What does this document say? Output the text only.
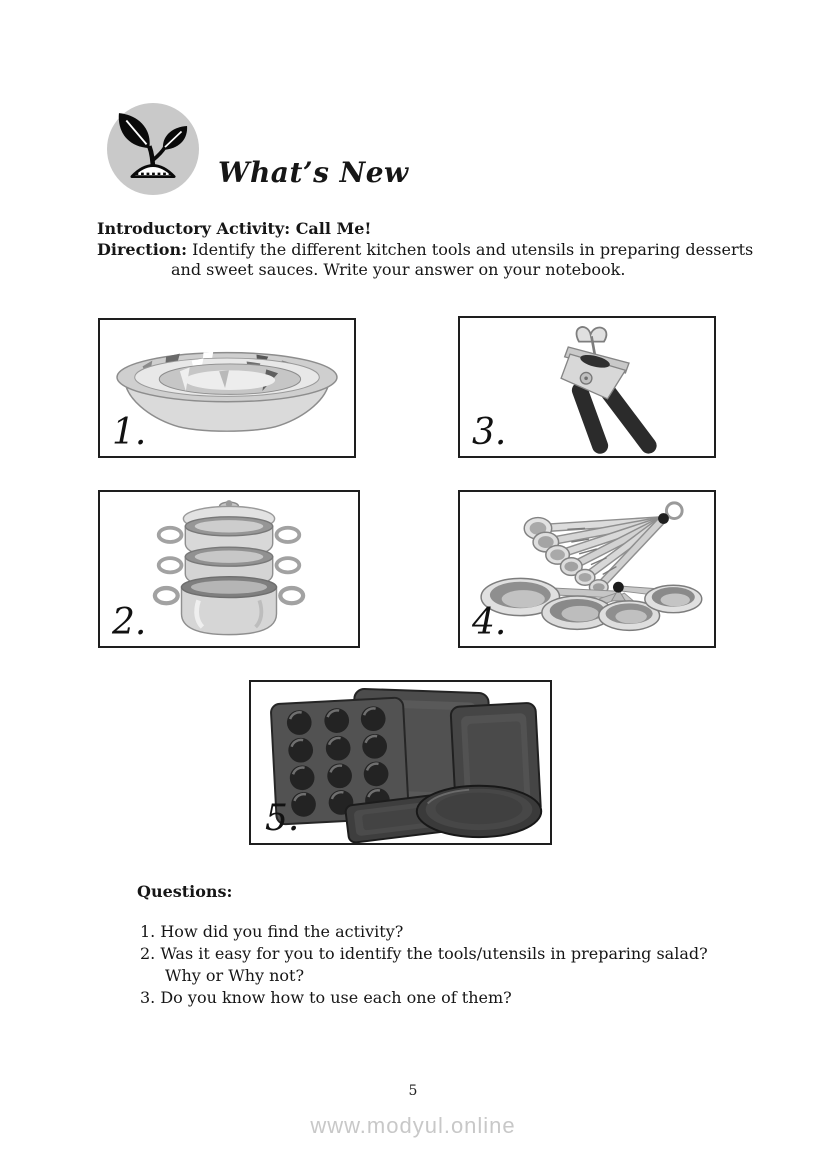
What’s New
Introductory Activity: Call Me!
Direction: Identify the different kitchen tools and utensils in preparing desserts
and sweet sauces. Write your answer on your notebook.
1.	3.
2.	4.
5.
Questions:
1. How did you find the activity?
2. Was it easy for you to identify the tools/utensils in preparing salad?
Why or Why not?
3. Do you know how to use each one of them?
5
www.modyul.online
